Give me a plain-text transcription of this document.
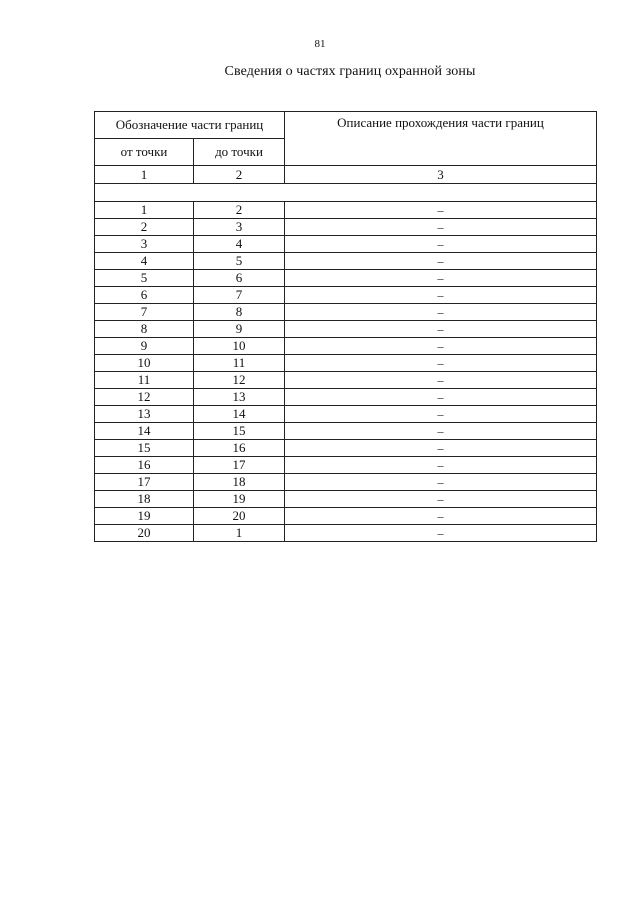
81
Сведения о частях границ охранной зоны
Обозначение части границ		Описание прохождения части границ
от точки	до точки	
1	2	3

1	2	–
2	3	–
3	4	–
4	5	–
5	6	–
6	7	–
7	8	–
8	9	–
9	10	–
10	11	–
11	12	–
12	13	–
13	14	–
14	15	–
15	16	–
16	17	–
17	18	–
18	19	–
19	20	–
20	1	–
